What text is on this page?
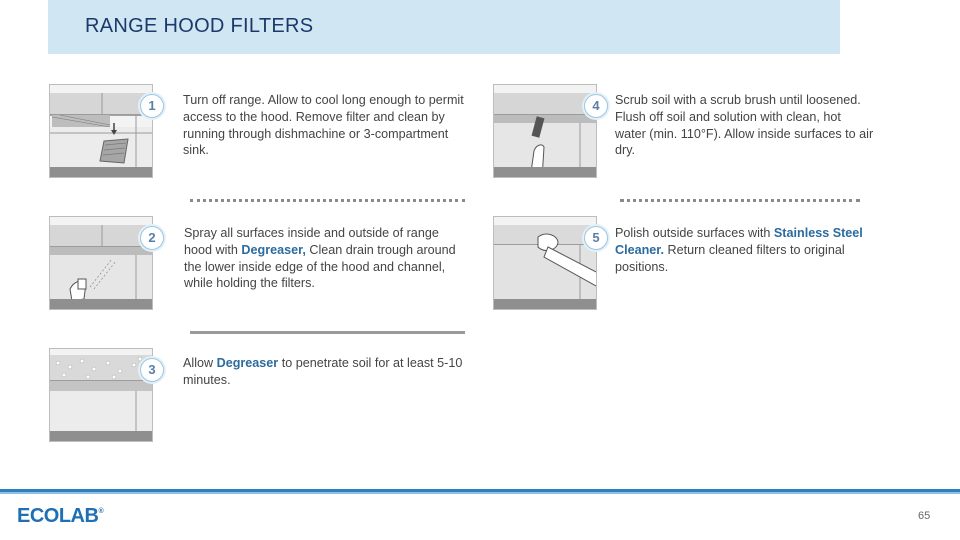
RANGE HOOD FILTERS
1	Turn off range. Allow to cool long enough to permit access to the hood. Remove filter and clean by running through dishmachine or 3-compartment sink.
2	Spray all surfaces inside and outside of range hood with Degreaser, Clean drain trough around the lower inside edge of the hood and channel, while holding the filters.
3	Allow Degreaser to penetrate soil for at least 5-10 minutes.
4	Scrub soil with a scrub brush until loosened. Flush off soil and solution with clean, hot water (min. 110°F). Allow inside surfaces to air dry.
5	Polish outside surfaces with Stainless Steel Cleaner. Return cleaned filters to original positions.
ECOLAB®	65
